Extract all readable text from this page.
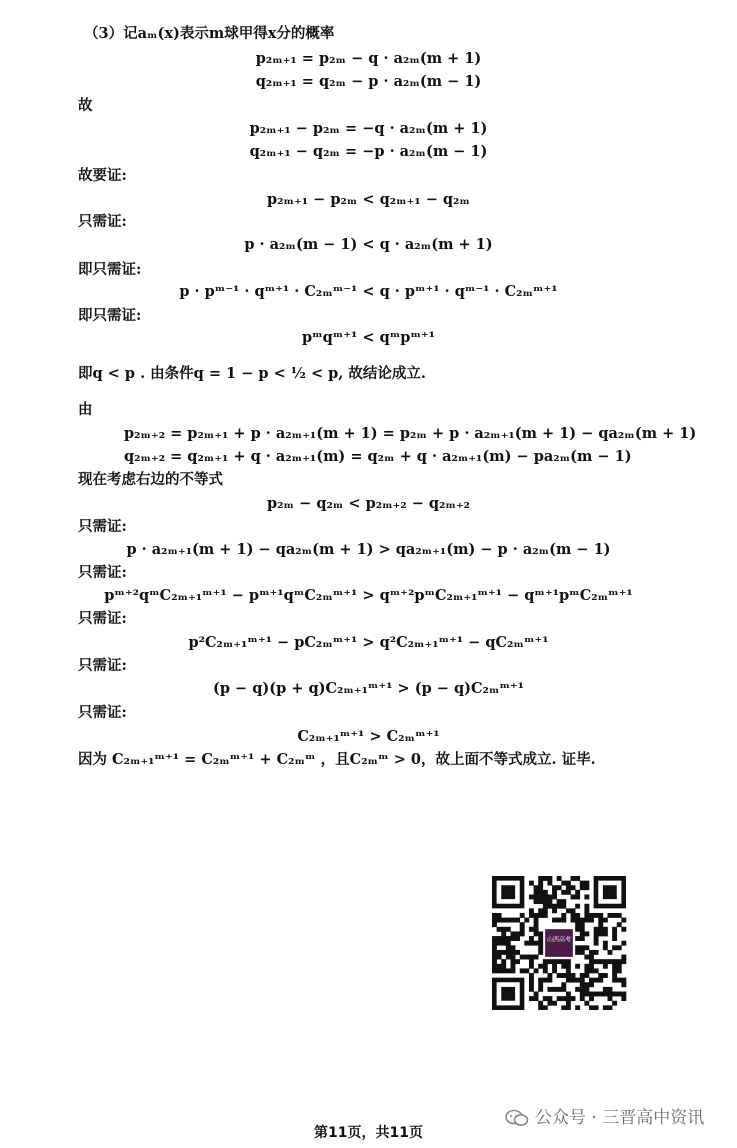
（3）记aₘ(x)表示m球甲得x分的概率
p₂ₘ₊₁ = p₂ₘ − q · a₂ₘ(m + 1)
q₂ₘ₊₁ = q₂ₘ − p · a₂ₘ(m − 1)
故
p₂ₘ₊₁ − p₂ₘ = −q · a₂ₘ(m + 1)
q₂ₘ₊₁ − q₂ₘ = −p · a₂ₘ(m − 1)
故要证:
p₂ₘ₊₁ − p₂ₘ < q₂ₘ₊₁ − q₂ₘ
只需证:
p · a₂ₘ(m − 1) < q · a₂ₘ(m + 1)
即只需证:
p · pᵐ⁻¹ · qᵐ⁺¹ · C₂ₘᵐ⁻¹ < q · pᵐ⁺¹ · qᵐ⁻¹ · C₂ₘᵐ⁺¹
即只需证:
pᵐqᵐ⁺¹ < qᵐpᵐ⁺¹
即q < p . 由条件q = 1 − p < ½ < p, 故结论成立.
由
p₂ₘ₊₂ = p₂ₘ₊₁ + p · a₂ₘ₊₁(m + 1) = p₂ₘ + p · a₂ₘ₊₁(m + 1) − qa₂ₘ(m + 1)
q₂ₘ₊₂ = q₂ₘ₊₁ + q · a₂ₘ₊₁(m) = q₂ₘ + q · a₂ₘ₊₁(m) − pa₂ₘ(m − 1)
现在考虑右边的不等式
p₂ₘ − q₂ₘ < p₂ₘ₊₂ − q₂ₘ₊₂
只需证:
p · a₂ₘ₊₁(m + 1) − qa₂ₘ(m + 1) > qa₂ₘ₊₁(m) − p · a₂ₘ(m − 1)
只需证:
pᵐ⁺²qᵐC₂ₘ₊₁ᵐ⁺¹ − pᵐ⁺¹qᵐC₂ₘᵐ⁺¹ > qᵐ⁺²pᵐC₂ₘ₊₁ᵐ⁺¹ − qᵐ⁺¹pᵐC₂ₘᵐ⁺¹
只需证:
p²C₂ₘ₊₁ᵐ⁺¹ − pC₂ₘᵐ⁺¹ > q²C₂ₘ₊₁ᵐ⁺¹ − qC₂ₘᵐ⁺¹
只需证:
(p − q)(p + q)C₂ₘ₊₁ᵐ⁺¹ > (p − q)C₂ₘᵐ⁺¹
只需证:
C₂ₘ₊₁ᵐ⁺¹ > C₂ₘᵐ⁺¹
因为 C₂ₘ₊₁ᵐ⁺¹ = C₂ₘᵐ⁺¹ + C₂ₘᵐ ，且C₂ₘᵐ > 0，故上面不等式成立. 证毕.
山西高考
公众号 · 三晋高中资讯
第11页，共11页
